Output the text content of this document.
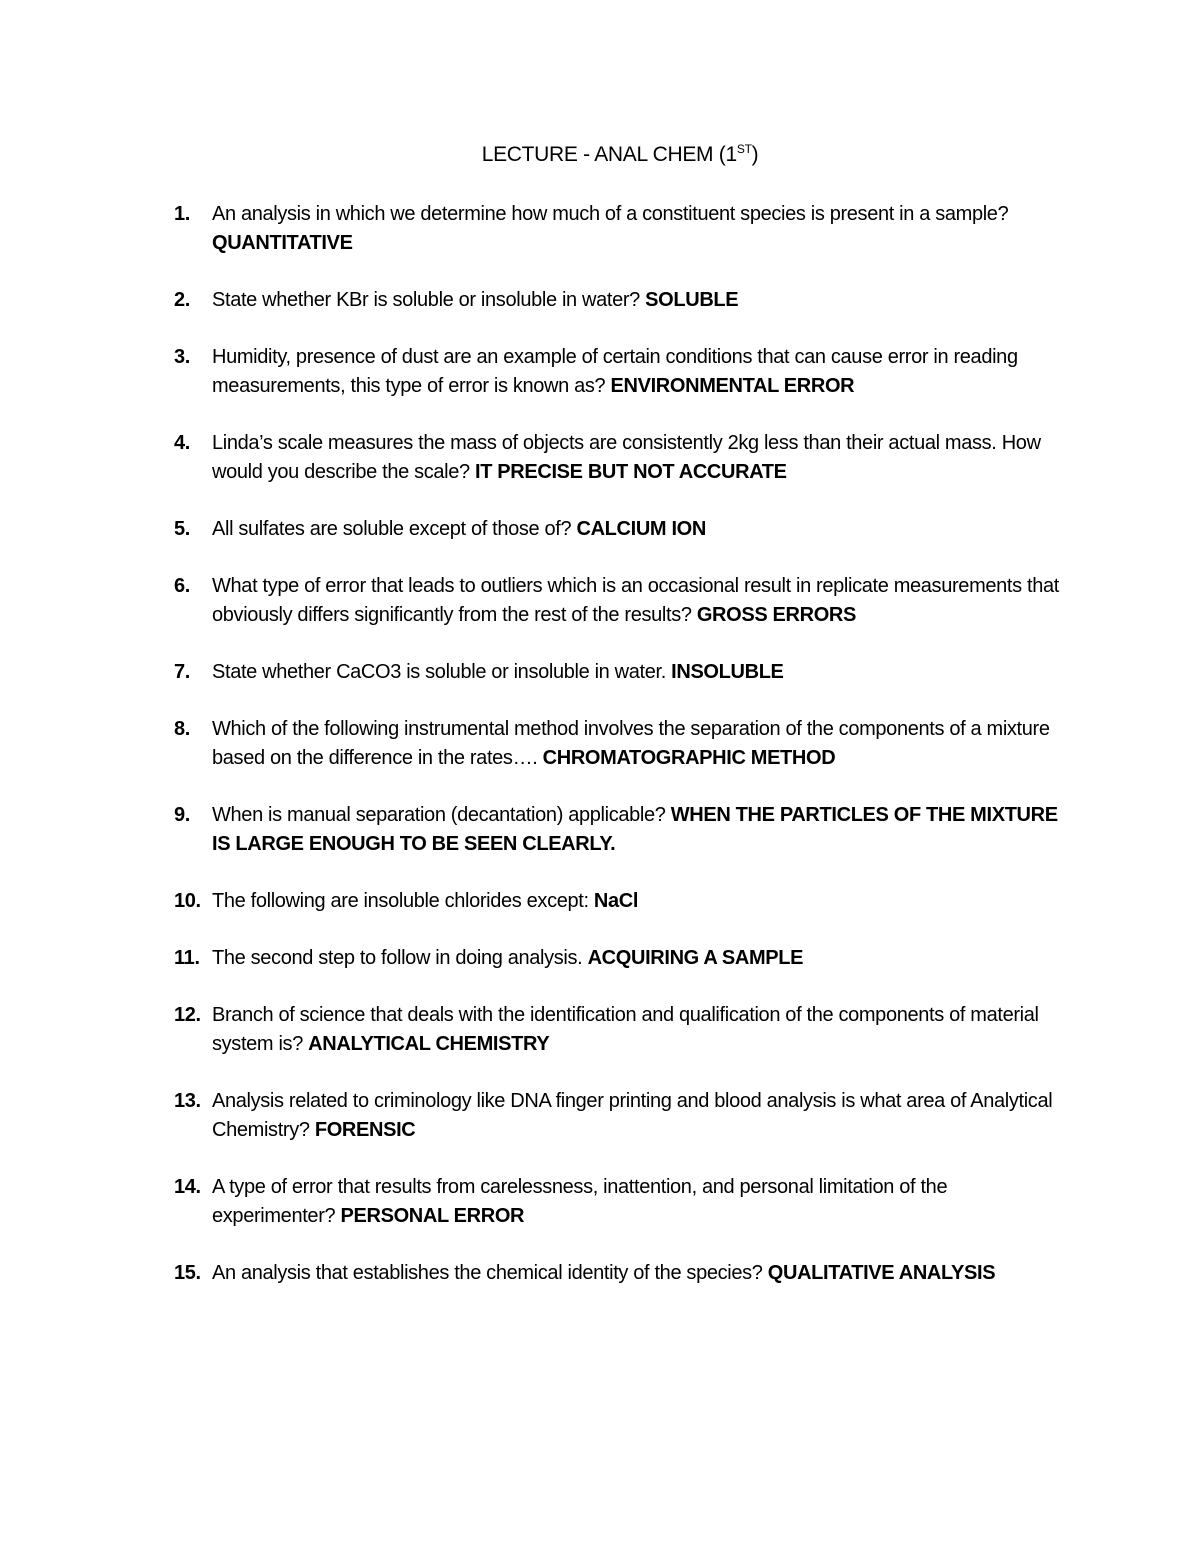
LECTURE - ANAL CHEM (1ST)
1. An analysis in which we determine how much of a constituent species is present in a sample? QUANTITATIVE
2. State whether KBr is soluble or insoluble in water? SOLUBLE
3. Humidity, presence of dust are an example of certain conditions that can cause error in reading measurements, this type of error is known as? ENVIRONMENTAL ERROR
4. Linda’s scale measures the mass of objects are consistently 2kg less than their actual mass. How would you describe the scale? IT PRECISE BUT NOT ACCURATE
5. All sulfates are soluble except of those of? CALCIUM ION
6. What type of error that leads to outliers which is an occasional result in replicate measurements that obviously differs significantly from the rest of the results? GROSS ERRORS
7. State whether CaCO3 is soluble or insoluble in water. INSOLUBLE
8. Which of the following instrumental method involves the separation of the components of a mixture based on the difference in the rates…. CHROMATOGRAPHIC METHOD
9. When is manual separation (decantation) applicable? WHEN THE PARTICLES OF THE MIXTURE IS LARGE ENOUGH TO BE SEEN CLEARLY.
10. The following are insoluble chlorides except: NaCl
11. The second step to follow in doing analysis. ACQUIRING A SAMPLE
12. Branch of science that deals with the identification and qualification of the components of material system is? ANALYTICAL CHEMISTRY
13. Analysis related to criminology like DNA finger printing and blood analysis is what area of Analytical Chemistry? FORENSIC
14. A type of error that results from carelessness, inattention, and personal limitation of the experimenter? PERSONAL ERROR
15. An analysis that establishes the chemical identity of the species? QUALITATIVE ANALYSIS
